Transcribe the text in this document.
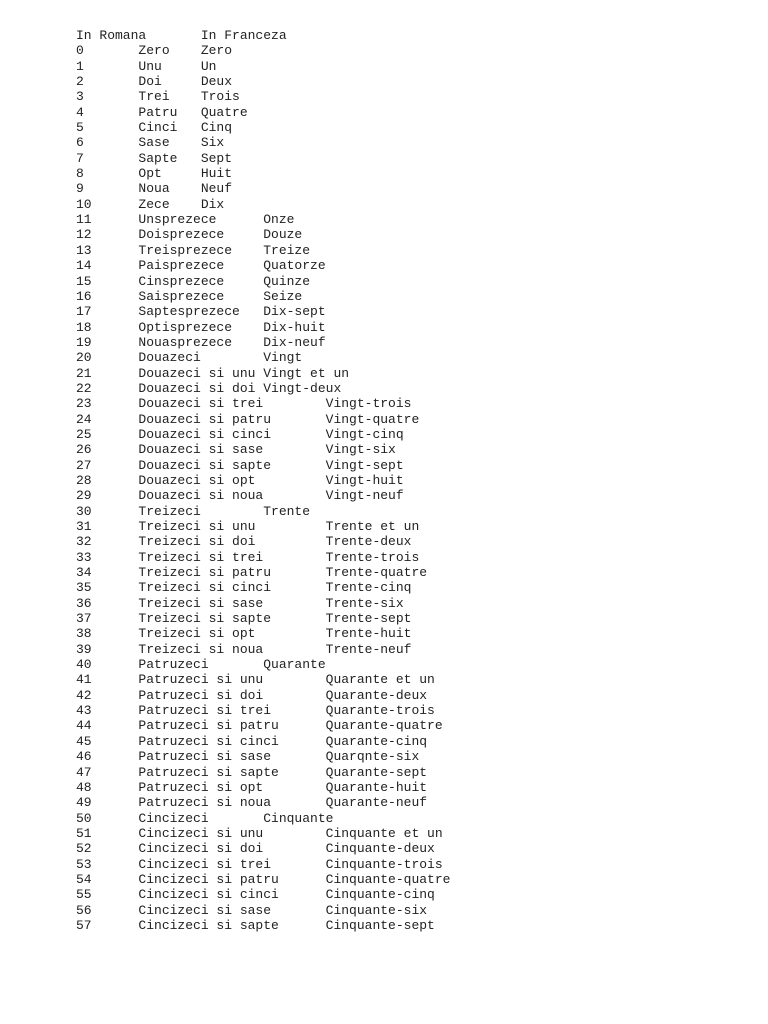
In Romana       In Franceza
0       Zero    Zero
1       Unu     Un
2       Doi     Deux
3       Trei    Trois
4       Patru   Quatre
5       Cinci   Cinq
6       Sase    Six
7       Sapte   Sept
8       Opt     Huit
9       Noua    Neuf
10      Zece    Dix
11      Unsprezece      Onze
12      Doisprezece     Douze
13      Treisprezece    Treize
14      Paisprezece     Quatorze
15      Cinsprezece     Quinze
16      Saisprezece     Seize
17      Saptesprezece   Dix-sept
18      Optisprezece    Dix-huit
19      Nouasprezece    Dix-neuf
20      Douazeci        Vingt
21      Douazeci si unu Vingt et un
22      Douazeci si doi Vingt-deux
23      Douazeci si trei        Vingt-trois
24      Douazeci si patru       Vingt-quatre
25      Douazeci si cinci       Vingt-cinq
26      Douazeci si sase        Vingt-six
27      Douazeci si sapte       Vingt-sept
28      Douazeci si opt         Vingt-huit
29      Douazeci si noua        Vingt-neuf
30      Treizeci        Trente
31      Treizeci si unu         Trente et un
32      Treizeci si doi         Trente-deux
33      Treizeci si trei        Trente-trois
34      Treizeci si patru       Trente-quatre
35      Treizeci si cinci       Trente-cinq
36      Treizeci si sase        Trente-six
37      Treizeci si sapte       Trente-sept
38      Treizeci si opt         Trente-huit
39      Treizeci si noua        Trente-neuf
40      Patruzeci       Quarante
41      Patruzeci si unu        Quarante et un
42      Patruzeci si doi        Quarante-deux
43      Patruzeci si trei       Quarante-trois
44      Patruzeci si patru      Quarante-quatre
45      Patruzeci si cinci      Quarante-cinq
46      Patruzeci si sase       Quarqnte-six
47      Patruzeci si sapte      Quarante-sept
48      Patruzeci si opt        Quarante-huit
49      Patruzeci si noua       Quarante-neuf
50      Cincizeci       Cinquante
51      Cincizeci si unu        Cinquante et un
52      Cincizeci si doi        Cinquante-deux
53      Cincizeci si trei       Cinquante-trois
54      Cincizeci si patru      Cinquante-quatre
55      Cincizeci si cinci      Cinquante-cinq
56      Cincizeci si sase       Cinquante-six
57      Cincizeci si sapte      Cinquante-sept
